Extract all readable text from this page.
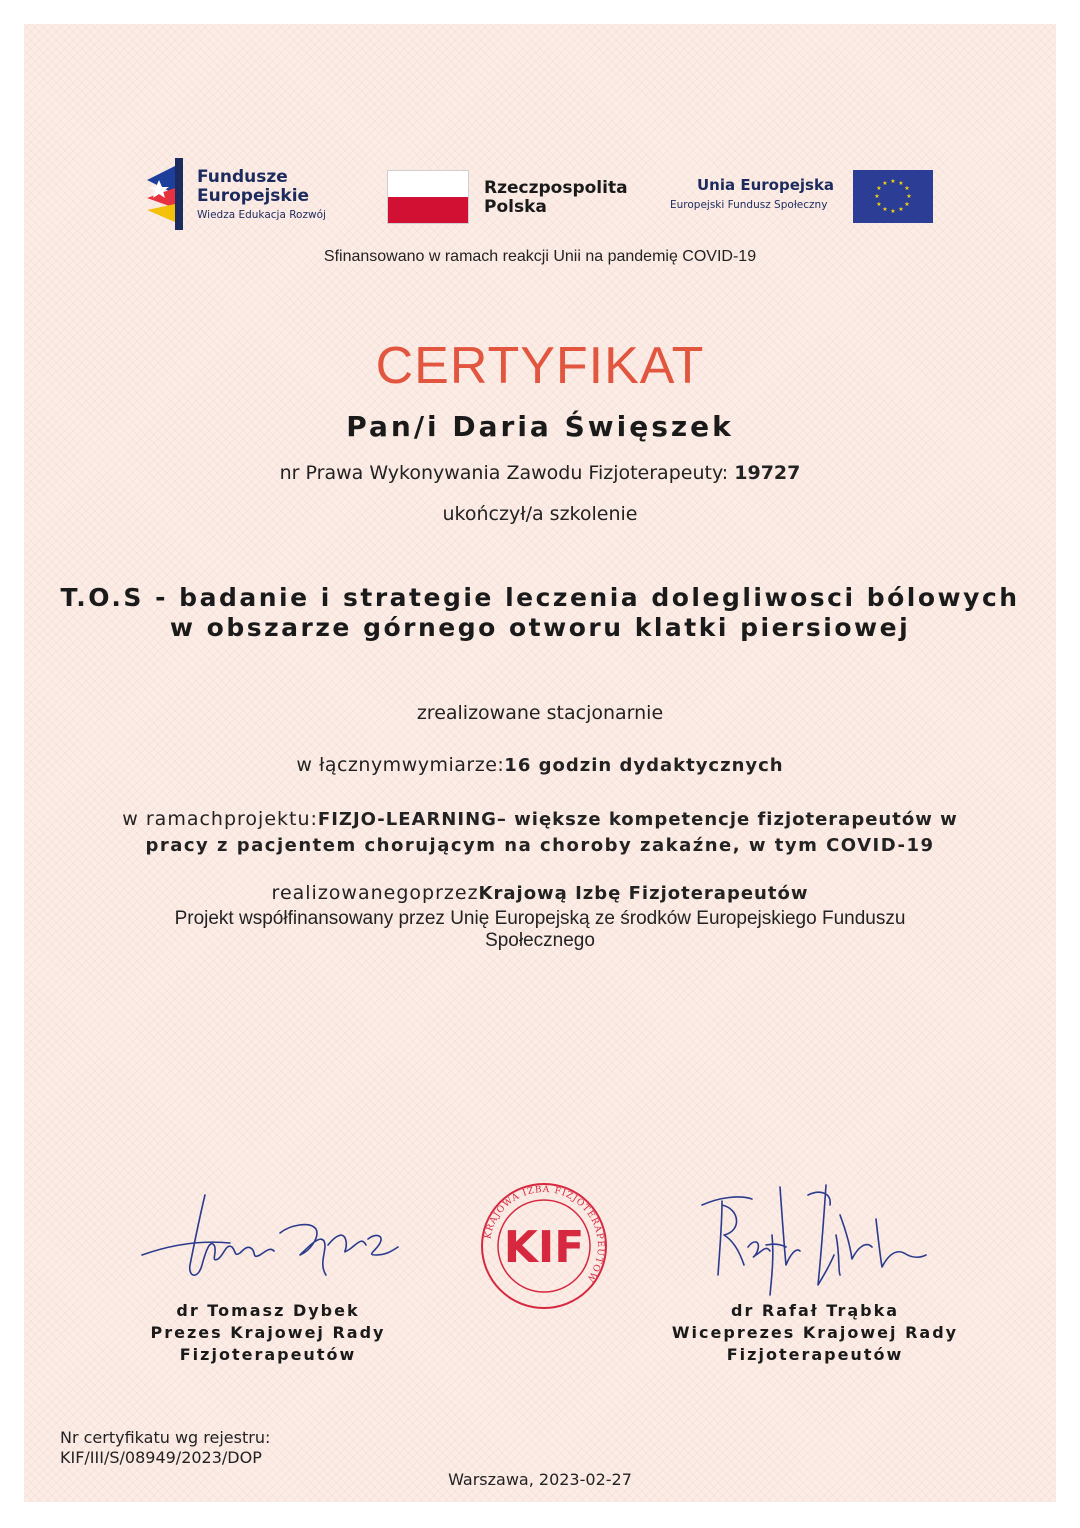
Fundusze
Europejskie
Wiedza Edukacja Rozwój
Rzeczpospolita
Polska
Unia Europejska
Europejski Fundusz Społeczny
★ ★
★
★
★
★
★
★
★
★
★
★
Sfinansowano w ramach reakcji Unii na pandemię COVID-19
CERTYFIKAT
Pan/i Daria Święszek
nr Prawa Wykonywania Zawodu Fizjoterapeuty: 19727
ukończył/a szkolenie
T.O.S - badanie i strategie leczenia dolegliwosci bólowych
w obszarze górnego otworu klatki piersiowej
zrealizowane stacjonarnie
w łącznymwymiarze:16 godzin dydaktycznych
w ramachprojektu:FIZJO-LEARNING– większe kompetencje fizjoterapeutów w
pracy z pacjentem chorującym na choroby zakaźne, w tym COVID-19
realizowanegoprzezKrajową Izbę Fizjoterapeutów
Projekt współfinansowany przez Unię Europejską ze środków Europejskiego Funduszu
Społecznego
KRAJOWA IZBA FIZJOTERAPEUTÓW
KIF
dr Tomasz Dybek
Prezes Krajowej Rady
Fizjoterapeutów
dr Rafał Trąbka
Wiceprezes Krajowej Rady
Fizjoterapeutów
Nr certyfikatu wg rejestru:
KIF/III/S/08949/2023/DOP
Warszawa, 2023-02-27
